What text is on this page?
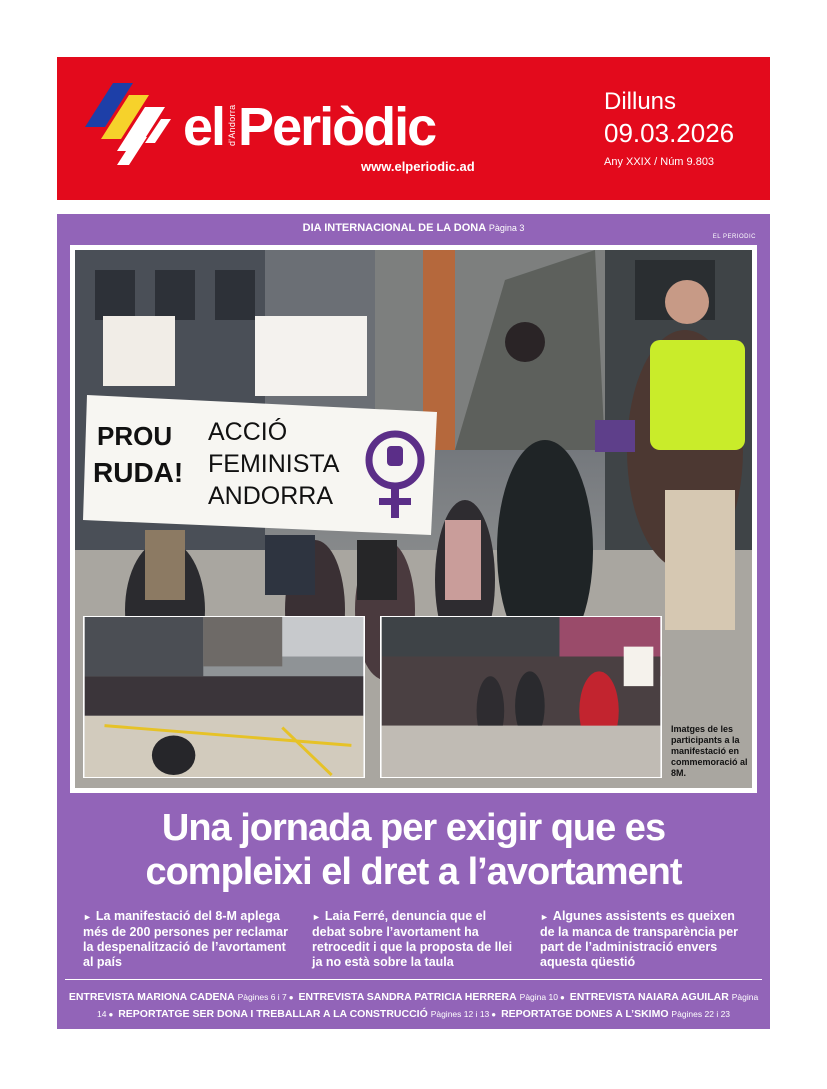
el Periòdic
d'Andorra
www.elperiodic.ad
Dilluns
09.03.2026
Any XXIX / Núm 9.803
DIA INTERNACIONAL DE LA DONA Pàgina 3
EL PERIODIC
PROU
RUDA!
ACCIÓ
FEMINISTA
ANDORRA
Imatges de les participants a la manifestació en commemoració al 8M.
Una jornada per exigir que es
compleixi el dret a l’avortament
► La manifestació del 8-M aplega més de 200 persones per reclamar la despenalització de l’avortament al país
► Laia Ferré, denuncia que el debat sobre l’avortament ha retrocedit i que la proposta de llei ja no està sobre la taula
► Algunes assistents es queixen de la manca de transparència per part de l’administració envers aquesta qüestió
ENTREVISTA MARIONA CADENA Pàgines 6 i 7 ● ENTREVISTA SANDRA PATRICIA HERRERA Pàgina 10 ● ENTREVISTA NAIARA AGUILAR Pàgina 14 ● REPORTATGE SER DONA I TREBALLAR A LA CONSTRUCCIÓ Pàgines 12 i 13 ● REPORTATGE DONES A L’SKIMO Pàgines 22 i 23
